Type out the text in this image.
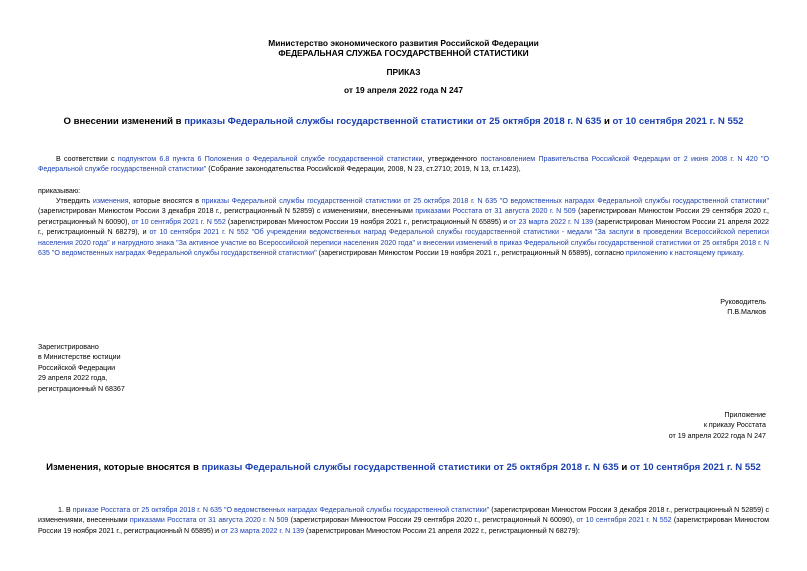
Министерство экономического развития Российской Федерации
ФЕДЕРАЛЬНАЯ СЛУЖБА ГОСУДАРСТВЕННОЙ СТАТИСТИКИ
ПРИКАЗ
от 19 апреля 2022 года N 247
О внесении изменений в приказы Федеральной службы государственной статистики от 25 октября 2018 г. N 635 и от 10 сентября 2021 г. N 552
В соответствии с подпунктом 6.8 пункта 6 Положения о Федеральной службе государственной статистики, утвержденного постановлением Правительства Российской Федерации от 2 июня 2008 г. N 420 "О Федеральной службе государственной статистики" (Собрание законодательства Российской Федерации, 2008, N 23, ст.2710; 2019, N 13, ст.1423),
приказываю:
Утвердить изменения, которые вносятся в приказы Федеральной службы государственной статистики от 25 октября 2018 г. N 635 "О ведомственных наградах Федеральной службы государственной статистики" (зарегистрирован Минюстом России 3 декабря 2018 г., регистрационный N 52859) с изменениями, внесенными приказами Росстата от 31 августа 2020 г. N 509 (зарегистрирован Минюстом России 29 сентября 2020 г., регистрационный N 60090), от 10 сентября 2021 г. N 552 (зарегистрирован Минюстом России 19 ноября 2021 г., регистрационный N 65895) и от 23 марта 2022 г. N 139 (зарегистрирован Минюстом России 21 апреля 2022 г., регистрационный N 68279), и от 10 сентября 2021 г. N 552 "Об учреждении ведомственных наград Федеральной службы государственной статистики - медали "За заслуги в проведении Всероссийской переписи населения 2020 года" и нагрудного знака "За активное участие во Всероссийской переписи населения 2020 года" и внесении изменений в приказ Федеральной службы государственной статистики от 25 октября 2018 г. N 635 "О ведомственных наградах Федеральной службы государственной статистики" (зарегистрирован Минюстом России 19 ноября 2021 г., регистрационный N 65895), согласно приложению к настоящему приказу.
Руководитель
П.В.Малков
Зарегистрировано
в Министерстве юстиции
Российской Федерации
29 апреля 2022 года,
регистрационный N 68367
Приложение
к приказу Росстата
от 19 апреля 2022 года N 247
Изменения, которые вносятся в приказы Федеральной службы государственной статистики от 25 октября 2018 г. N 635 и от 10 сентября 2021 г. N 552
1. В приказе Росстата от 25 октября 2018 г. N 635 "О ведомственных наградах Федеральной службы государственной статистики" (зарегистрирован Минюстом России 3 декабря 2018 г., регистрационный N 52859) с изменениями, внесенными приказами Росстата от 31 августа 2020 г. N 509 (зарегистрирован Минюстом России 29 сентября 2020 г., регистрационный N 60090), от 10 сентября 2021 г. N 552 (зарегистрирован Минюстом России 19 ноября 2021 г., регистрационный N 65895) и от 23 марта 2022 г. N 139 (зарегистрирован Минюстом России 21 апреля 2022 г., регистрационный N 68279):
